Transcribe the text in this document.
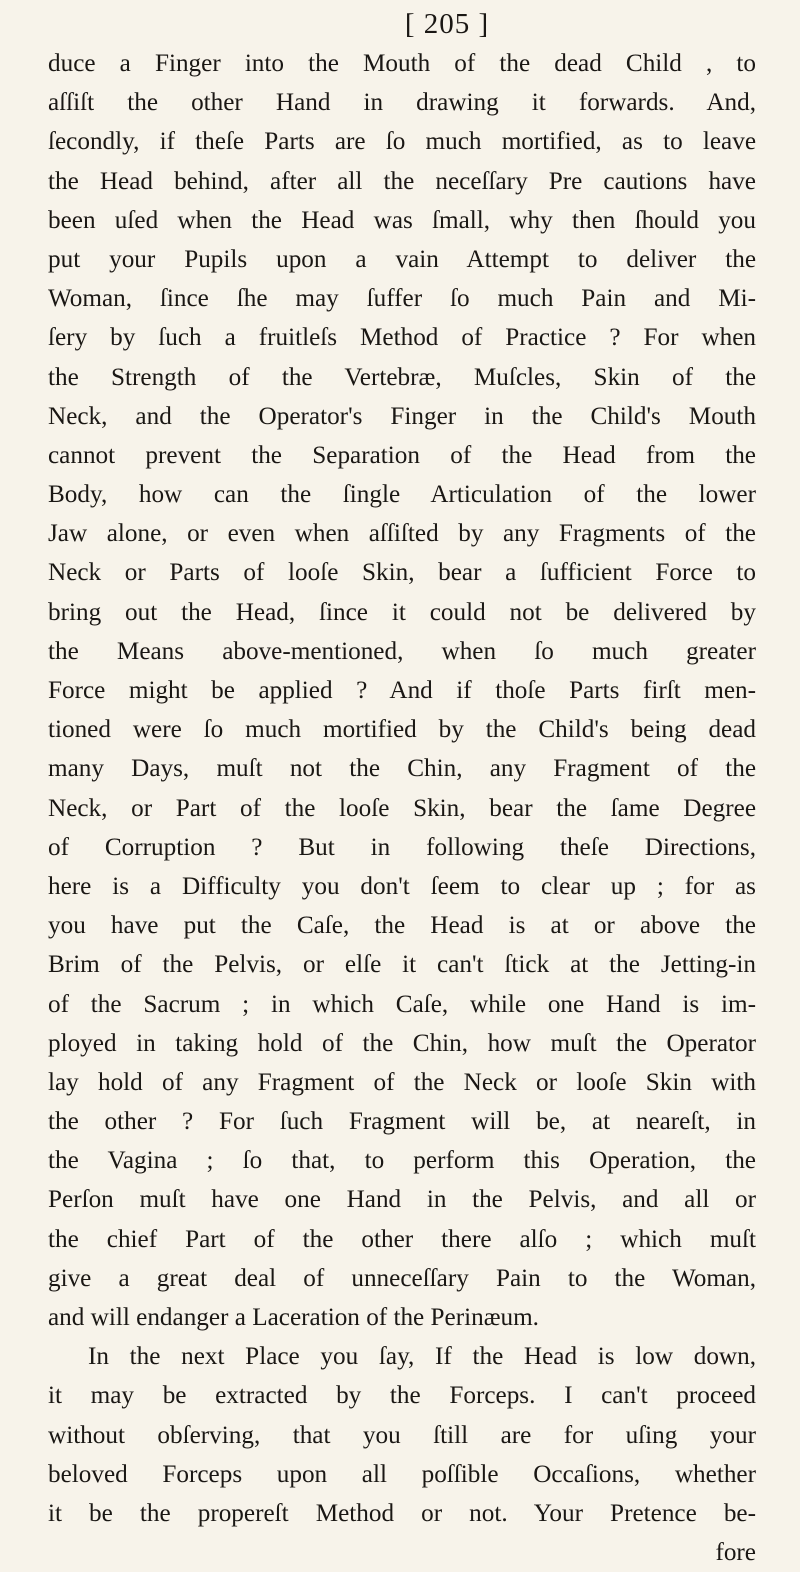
[ 205 ]
duce a Finger into the Mouth of the dead Child , to
aſſiſt the other Hand in drawing it forwards. And,
ſecondly, if theſe Parts are ſo much mortified, as to leave
the Head behind, after all the neceſſary Pre cautions have
been uſed when the Head was ſmall, why then ſhould you
put your Pupils upon a vain Attempt to deliver the
Woman, ſince ſhe may ſuffer ſo much Pain and Mi-
ſery by ſuch a fruitleſs Method of Practice ? For when
the Strength of the Vertebræ, Muſcles, Skin of the
Neck, and the Operator's Finger in the Child's Mouth
cannot prevent the Separation of the Head from the
Body, how can the ſingle Articulation of the lower
Jaw alone, or even when aſſiſted by any Fragments of the
Neck or Parts of looſe Skin, bear a ſufficient Force to
bring out the Head, ſince it could not be delivered by
the Means above-mentioned, when ſo much greater
Force might be applied ? And if thoſe Parts firſt men-
tioned were ſo much mortified by the Child's being dead
many Days, muſt not the Chin, any Fragment of the
Neck, or Part of the looſe Skin, bear the ſame Degree
of Corruption ? But in following theſe Directions,
here is a Difficulty you don't ſeem to clear up ; for as
you have put the Caſe, the Head is at or above the
Brim of the Pelvis, or elſe it can't ſtick at the Jetting-in
of the Sacrum ; in which Caſe, while one Hand is im-
ployed in taking hold of the Chin, how muſt the Operator
lay hold of any Fragment of the Neck or looſe Skin with
the other ? For ſuch Fragment will be, at neareſt, in
the Vagina ; ſo that, to perform this Operation, the
Perſon muſt have one Hand in the Pelvis, and all or
the chief Part of the other there alſo ; which muſt
give a great deal of unneceſſary Pain to the Woman,
and will endanger a Laceration of the Perinæum.
In the next Place you ſay, If the Head is low down,
it may be extracted by the Forceps. I can't proceed
without obſerving, that you ſtill are for uſing your
beloved Forceps upon all poſſible Occaſions, whether
it be the propereſt Method or not. Your Pretence be-
fore
